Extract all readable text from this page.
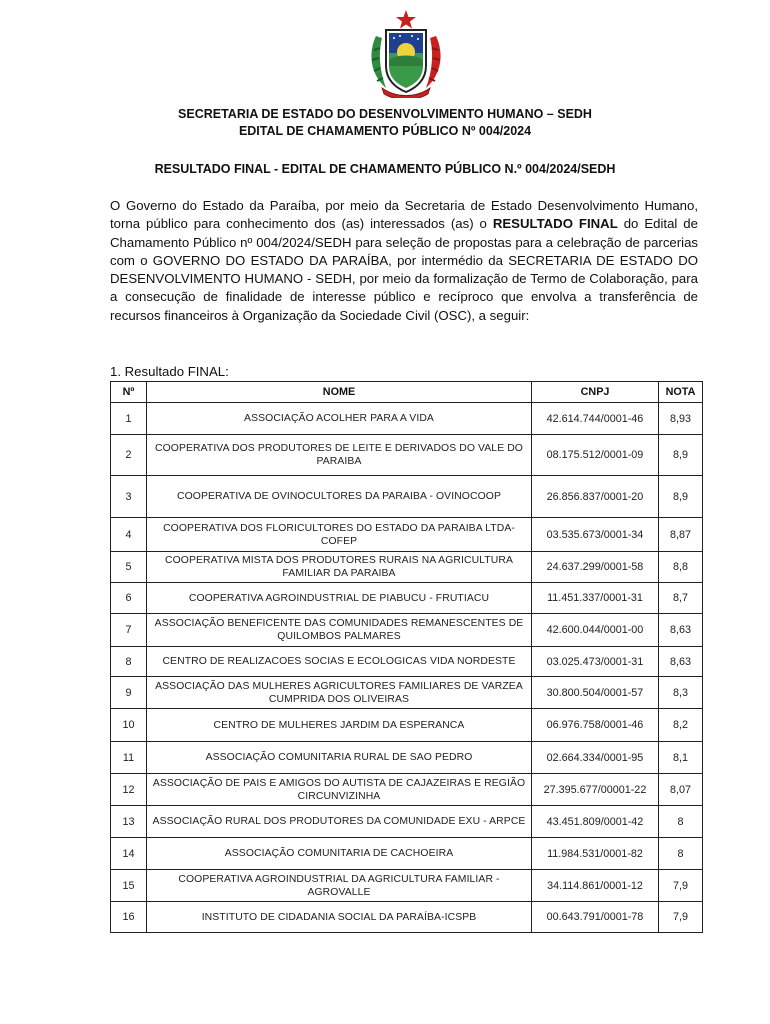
SECRETARIA DE ESTADO DO DESENVOLVIMENTO HUMANO – SEDH
EDITAL DE CHAMAMENTO PÚBLICO Nº 004/2024
RESULTADO FINAL - EDITAL DE CHAMAMENTO PÚBLICO N.º 004/2024/SEDH

O Governo do Estado da Paraíba, por meio da Secretaria de Estado Desenvolvimento Humano, torna público para conhecimento dos (as) interessados (as) o RESULTADO FINAL do Edital de Chamamento Público nº 004/2024/SEDH para seleção de propostas para a celebração de parcerias com o GOVERNO DO ESTADO DA PARAÍBA, por intermédio da SECRETARIA DE ESTADO DO DESENVOLVIMENTO HUMANO - SEDH, por meio da formalização de Termo de Colaboração, para a consecução de finalidade de interesse público e recíproco que envolva a transferência de recursos financeiros à Organização da Sociedade Civil (OSC), a seguir:

1. Resultado FINAL:
Nº	NOME	CNPJ	NOTA
1	ASSOCIAÇÃO ACOLHER PARA A VIDA	42.614.744/0001-46	8,93
2	COOPERATIVA DOS PRODUTORES DE LEITE E DERIVADOS DO VALE DO PARAIBA	08.175.512/0001-09	8,9
3	COOPERATIVA DE OVINOCULTORES DA PARAIBA - OVINOCOOP	26.856.837/0001-20	8,9
4	COOPERATIVA DOS FLORICULTORES DO ESTADO DA PARAIBA LTDA-COFEP	03.535.673/0001-34	8,87
5	COOPERATIVA MISTA DOS PRODUTORES RURAIS NA AGRICULTURA FAMILIAR DA PARAIBA	24.637.299/0001-58	8,8
6	COOPERATIVA AGROINDUSTRIAL DE PIABUCU - FRUTIACU	11.451.337/0001-31	8,7
7	ASSOCIAÇÃO BENEFICENTE DAS COMUNIDADES REMANESCENTES DE QUILOMBOS PALMARES	42.600.044/0001-00	8,63
8	CENTRO DE REALIZACOES SOCIAS E ECOLOGICAS VIDA NORDESTE	03.025.473/0001-31	8,63
9	ASSOCIAÇÃO DAS MULHERES AGRICULTORES FAMILIARES DE VARZEA CUMPRIDA DOS OLIVEIRAS	30.800.504/0001-57	8,3
10	CENTRO DE MULHERES JARDIM DA ESPERANCA	06.976.758/0001-46	8,2
11	ASSOCIAÇÃO COMUNITARIA RURAL DE SAO PEDRO	02.664.334/0001-95	8,1
12	ASSOCIAÇÃO DE PAIS E AMIGOS DO AUTISTA DE CAJAZEIRAS E REGIÃO CIRCUNVIZINHA	27.395.677/00001-22	8,07
13	ASSOCIAÇÃO RURAL DOS PRODUTORES DA COMUNIDADE EXU - ARPCE	43.451.809/0001-42	8
14	ASSOCIAÇÃO COMUNITARIA DE CACHOEIRA	11.984.531/0001-82	8
15	COOPERATIVA AGROINDUSTRIAL DA AGRICULTURA FAMILIAR - AGROVALLE	34.114.861/0001-12	7,9
16	INSTITUTO DE CIDADANIA SOCIAL DA PARAÍBA-ICSPB	00.643.791/0001-78	7,9
